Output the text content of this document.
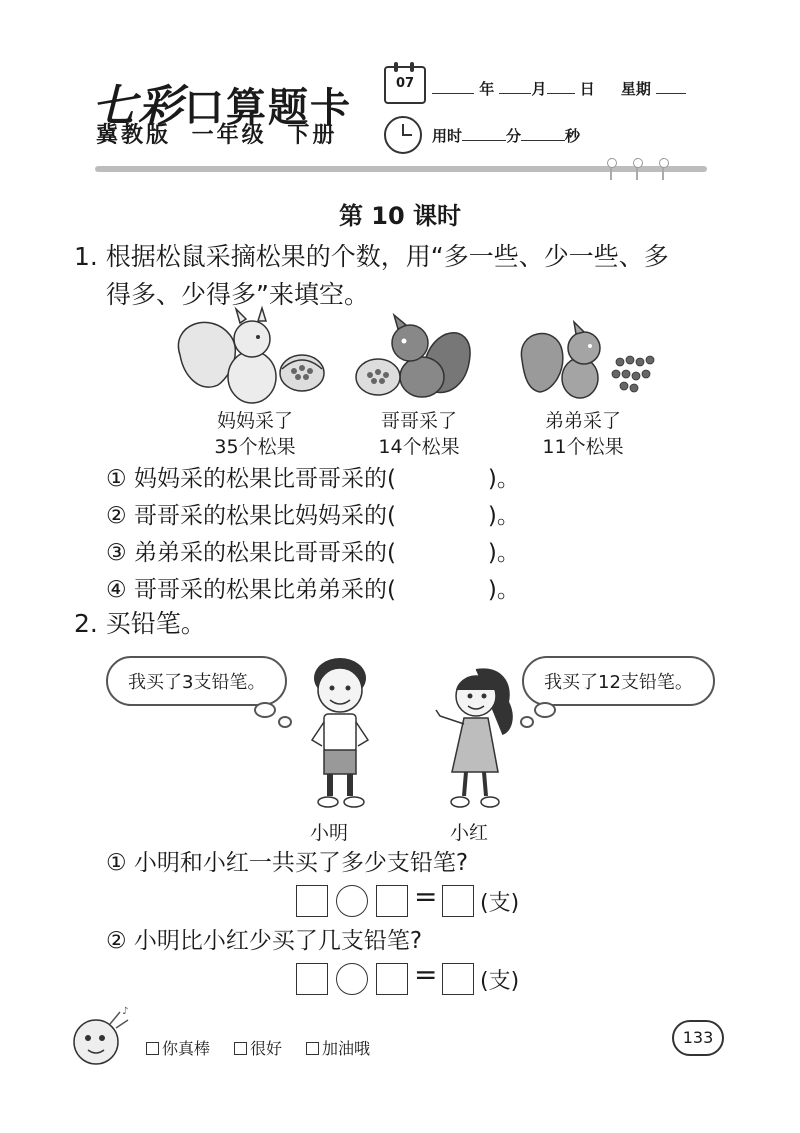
七彩口算题卡
冀教版 一年级 下册
07	年 月 日 星期
用时	分	秒
第 10 课时
1. 根据松鼠采摘松果的个数，用“多一些、少一些、多
得多、少得多”来填空。
妈妈采了
35个松果
哥哥采了
14个松果
弟弟采了
11个松果
① 妈妈采的松果比哥哥采的(	)。
② 哥哥采的松果比妈妈采的(	)。
③ 弟弟采的松果比哥哥采的(	)。
④ 哥哥采的松果比弟弟采的(	)。
2. 买铅笔。
我买了3支铅笔。	我买了12支铅笔。
小明	小红
① 小明和小红一共买了多少支铅笔?
= (支)
② 小明比小红少买了几支铅笔?
= (支)
♪
你真棒	很好	加油哦
133
